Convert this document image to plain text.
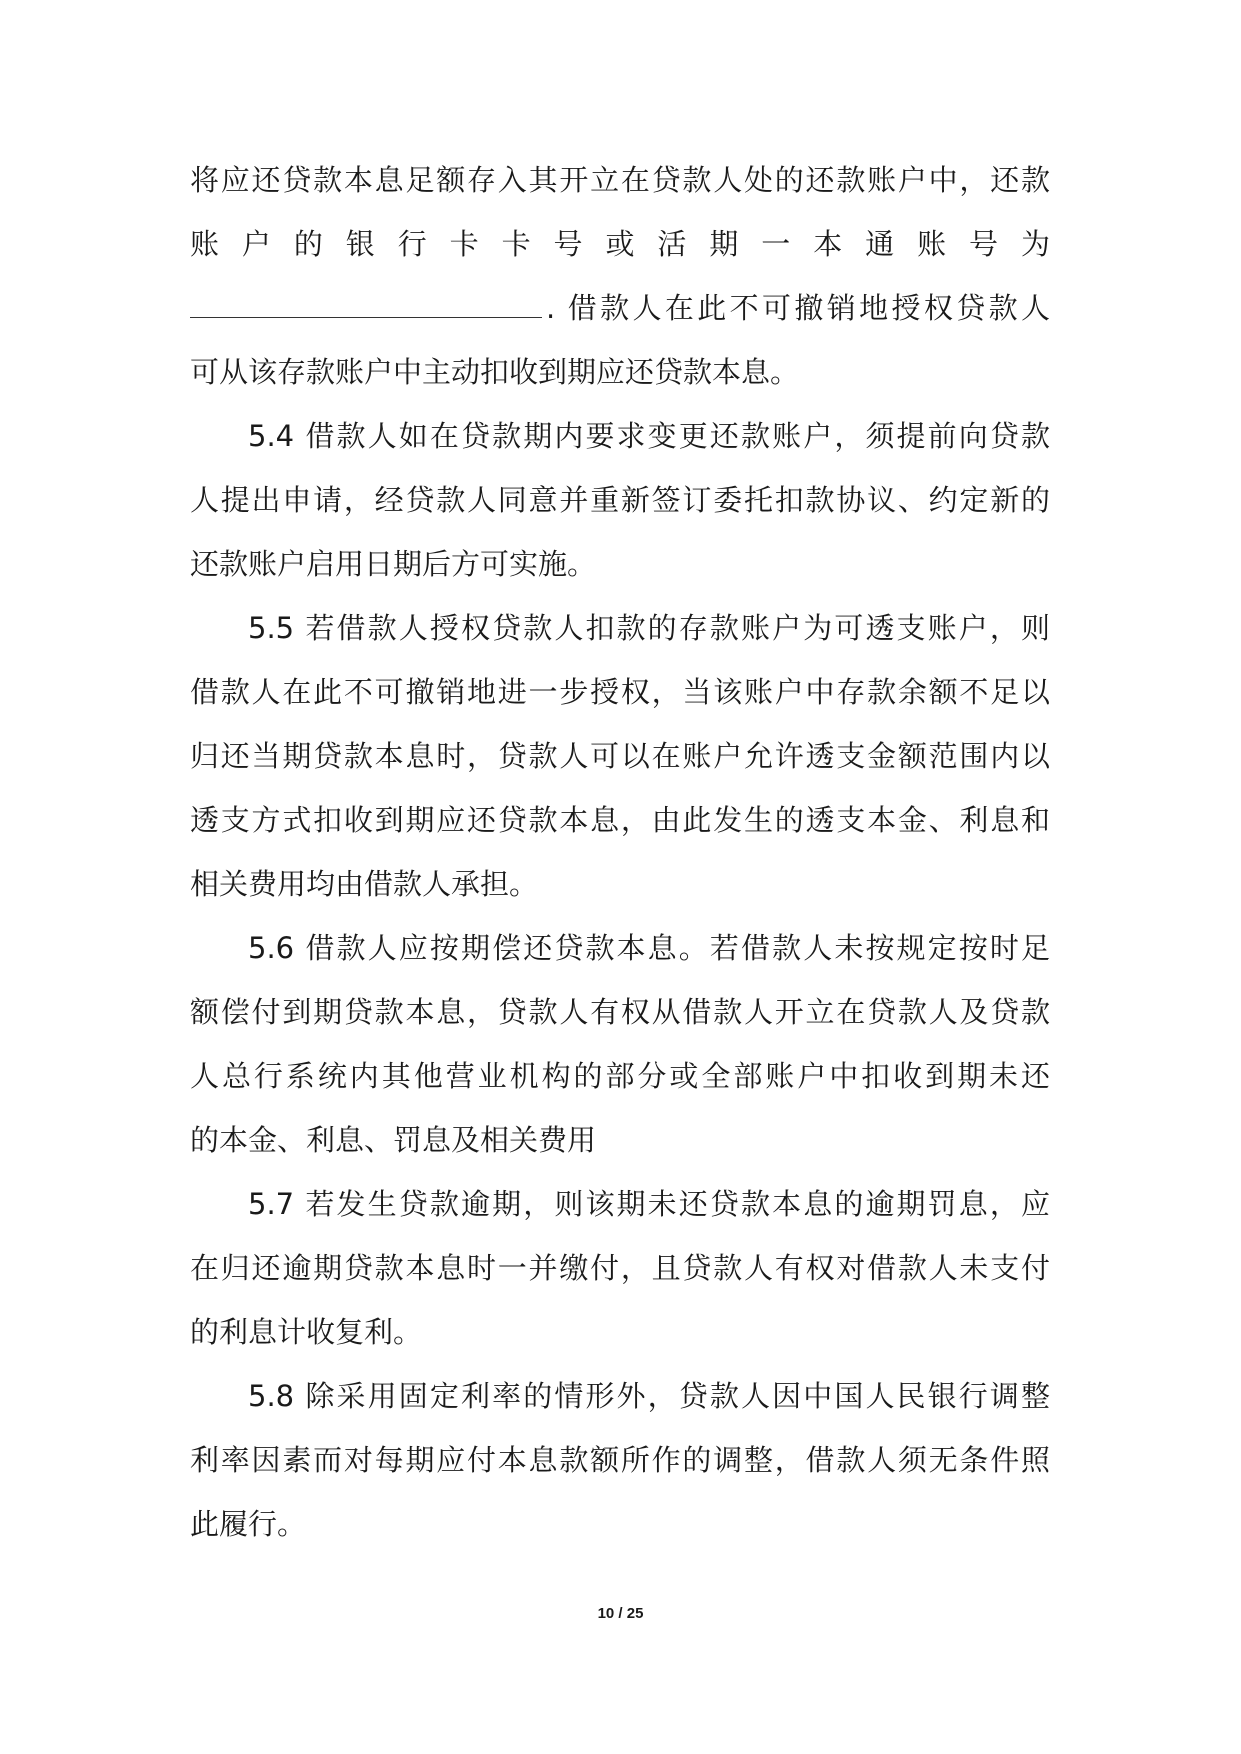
将应还贷款本息足额存入其开立在贷款人处的还款账户中，还款
账 户 的 银 行 卡 卡 号 或 活 期 一 本 通 账 号 为
. 借款人在此不可撤销地授权贷款人
可从该存款账户中主动扣收到期应还贷款本息。
5.4 借款人如在贷款期内要求变更还款账户，须提前向贷款
人提出申请，经贷款人同意并重新签订委托扣款协议、约定新的
还款账户启用日期后方可实施。
5.5 若借款人授权贷款人扣款的存款账户为可透支账户，则
借款人在此不可撤销地进一步授权，当该账户中存款余额不足以
归还当期贷款本息时，贷款人可以在账户允许透支金额范围内以
透支方式扣收到期应还贷款本息，由此发生的透支本金、利息和
相关费用均由借款人承担。
5.6 借款人应按期偿还贷款本息。若借款人未按规定按时足
额偿付到期贷款本息，贷款人有权从借款人开立在贷款人及贷款
人总行系统内其他营业机构的部分或全部账户中扣收到期未还
的本金、利息、罚息及相关费用
5.7 若发生贷款逾期，则该期未还贷款本息的逾期罚息，应
在归还逾期贷款本息时一并缴付，且贷款人有权对借款人未支付
的利息计收复利。
5.8 除采用固定利率的情形外，贷款人因中国人民银行调整
利率因素而对每期应付本息款额所作的调整，借款人须无条件照
此履行。
10 / 25
